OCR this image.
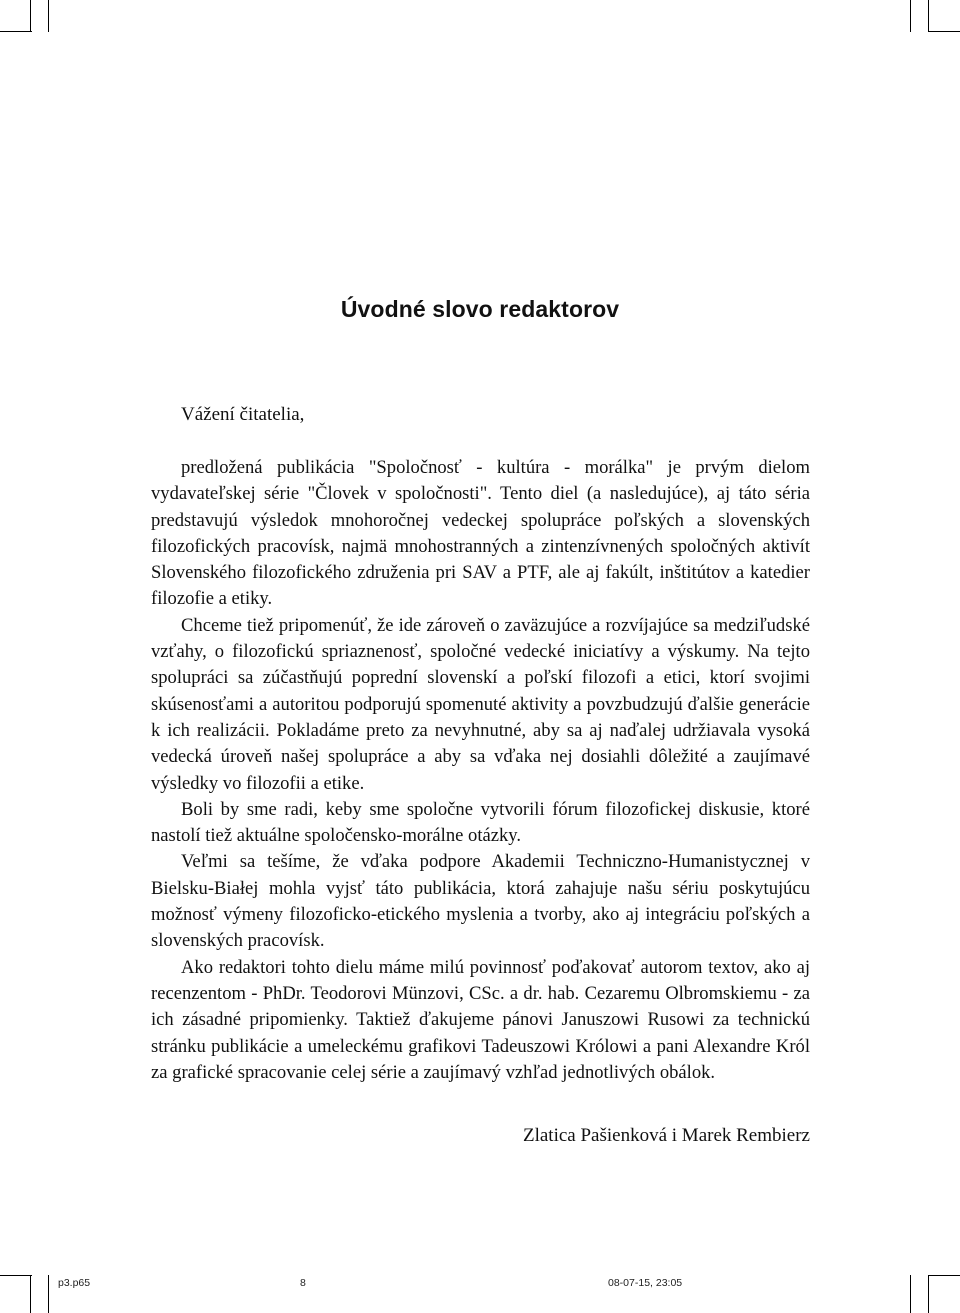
Úvodné slovo redaktorov

Vážení čitatelia,

predložená publikácia "Spoločnosť - kultúra - morálka" je prvým dielom vydavateľskej série "Človek v spoločnosti". Tento diel (a nasledujúce), aj táto séria predstavujú výsledok mnohoročnej vedeckej spolupráce poľských a slovenských filozofických pracovísk, najmä mnohostranných a zintenzívnených spoločných aktivít Slovenského filozofického združenia pri SAV a PTF, ale aj fakúlt, inštitútov a katedier filozofie a etiky.

Chceme tiež pripomenúť, že ide zároveň o zaväzujúce a rozvíjajúce sa medziľudské vzťahy, o filozofickú spriaznenosť, spoločné vedecké iniciatívy a výskumy. Na tejto spolupráci sa zúčastňujú poprední slovenskí a poľskí filozofi a etici, ktorí svojimi skúsenosťami a autoritou podporujú spomenuté aktivity a povzbudzujú ďalšie generácie k ich realizácii. Pokladáme preto za nevyhnutné, aby sa aj naďalej udržiavala vysoká vedecká úroveň našej spolupráce a aby sa vďaka nej dosiahli dôležité a zaujímavé výsledky vo filozofii a etike.

Boli by sme radi, keby sme spoločne vytvorili fórum filozofickej diskusie, ktoré nastolí tiež aktuálne spoločensko-morálne otázky.

Veľmi sa tešíme, že vďaka podpore Akademii Techniczno-Humanistycznej v Bielsku-Białej mohla vyjsť táto publikácia, ktorá zahajuje našu sériu poskytujúcu možnosť výmeny filozoficko-etického myslenia a tvorby, ako aj integráciu poľských a slovenských pracovísk.

Ako redaktori tohto dielu máme milú povinnosť poďakovať autorom textov, ako aj recenzentom - PhDr. Teodorovi Münzovi, CSc. a dr. hab. Cezaremu Olbromskiemu - za ich zásadné pripomienky. Taktiež ďakujeme pánovi Januszowi Rusowi za technickú stránku publikácie a umeleckému grafikovi Tadeuszowi Królowi a pani Alexandre Król za grafické spracovanie celej série a zaujímavý vzhľad jednotlivých obálok.

Zlatica Pašienková i Marek Rembierz

p3.p65	8	08-07-15, 23:05
